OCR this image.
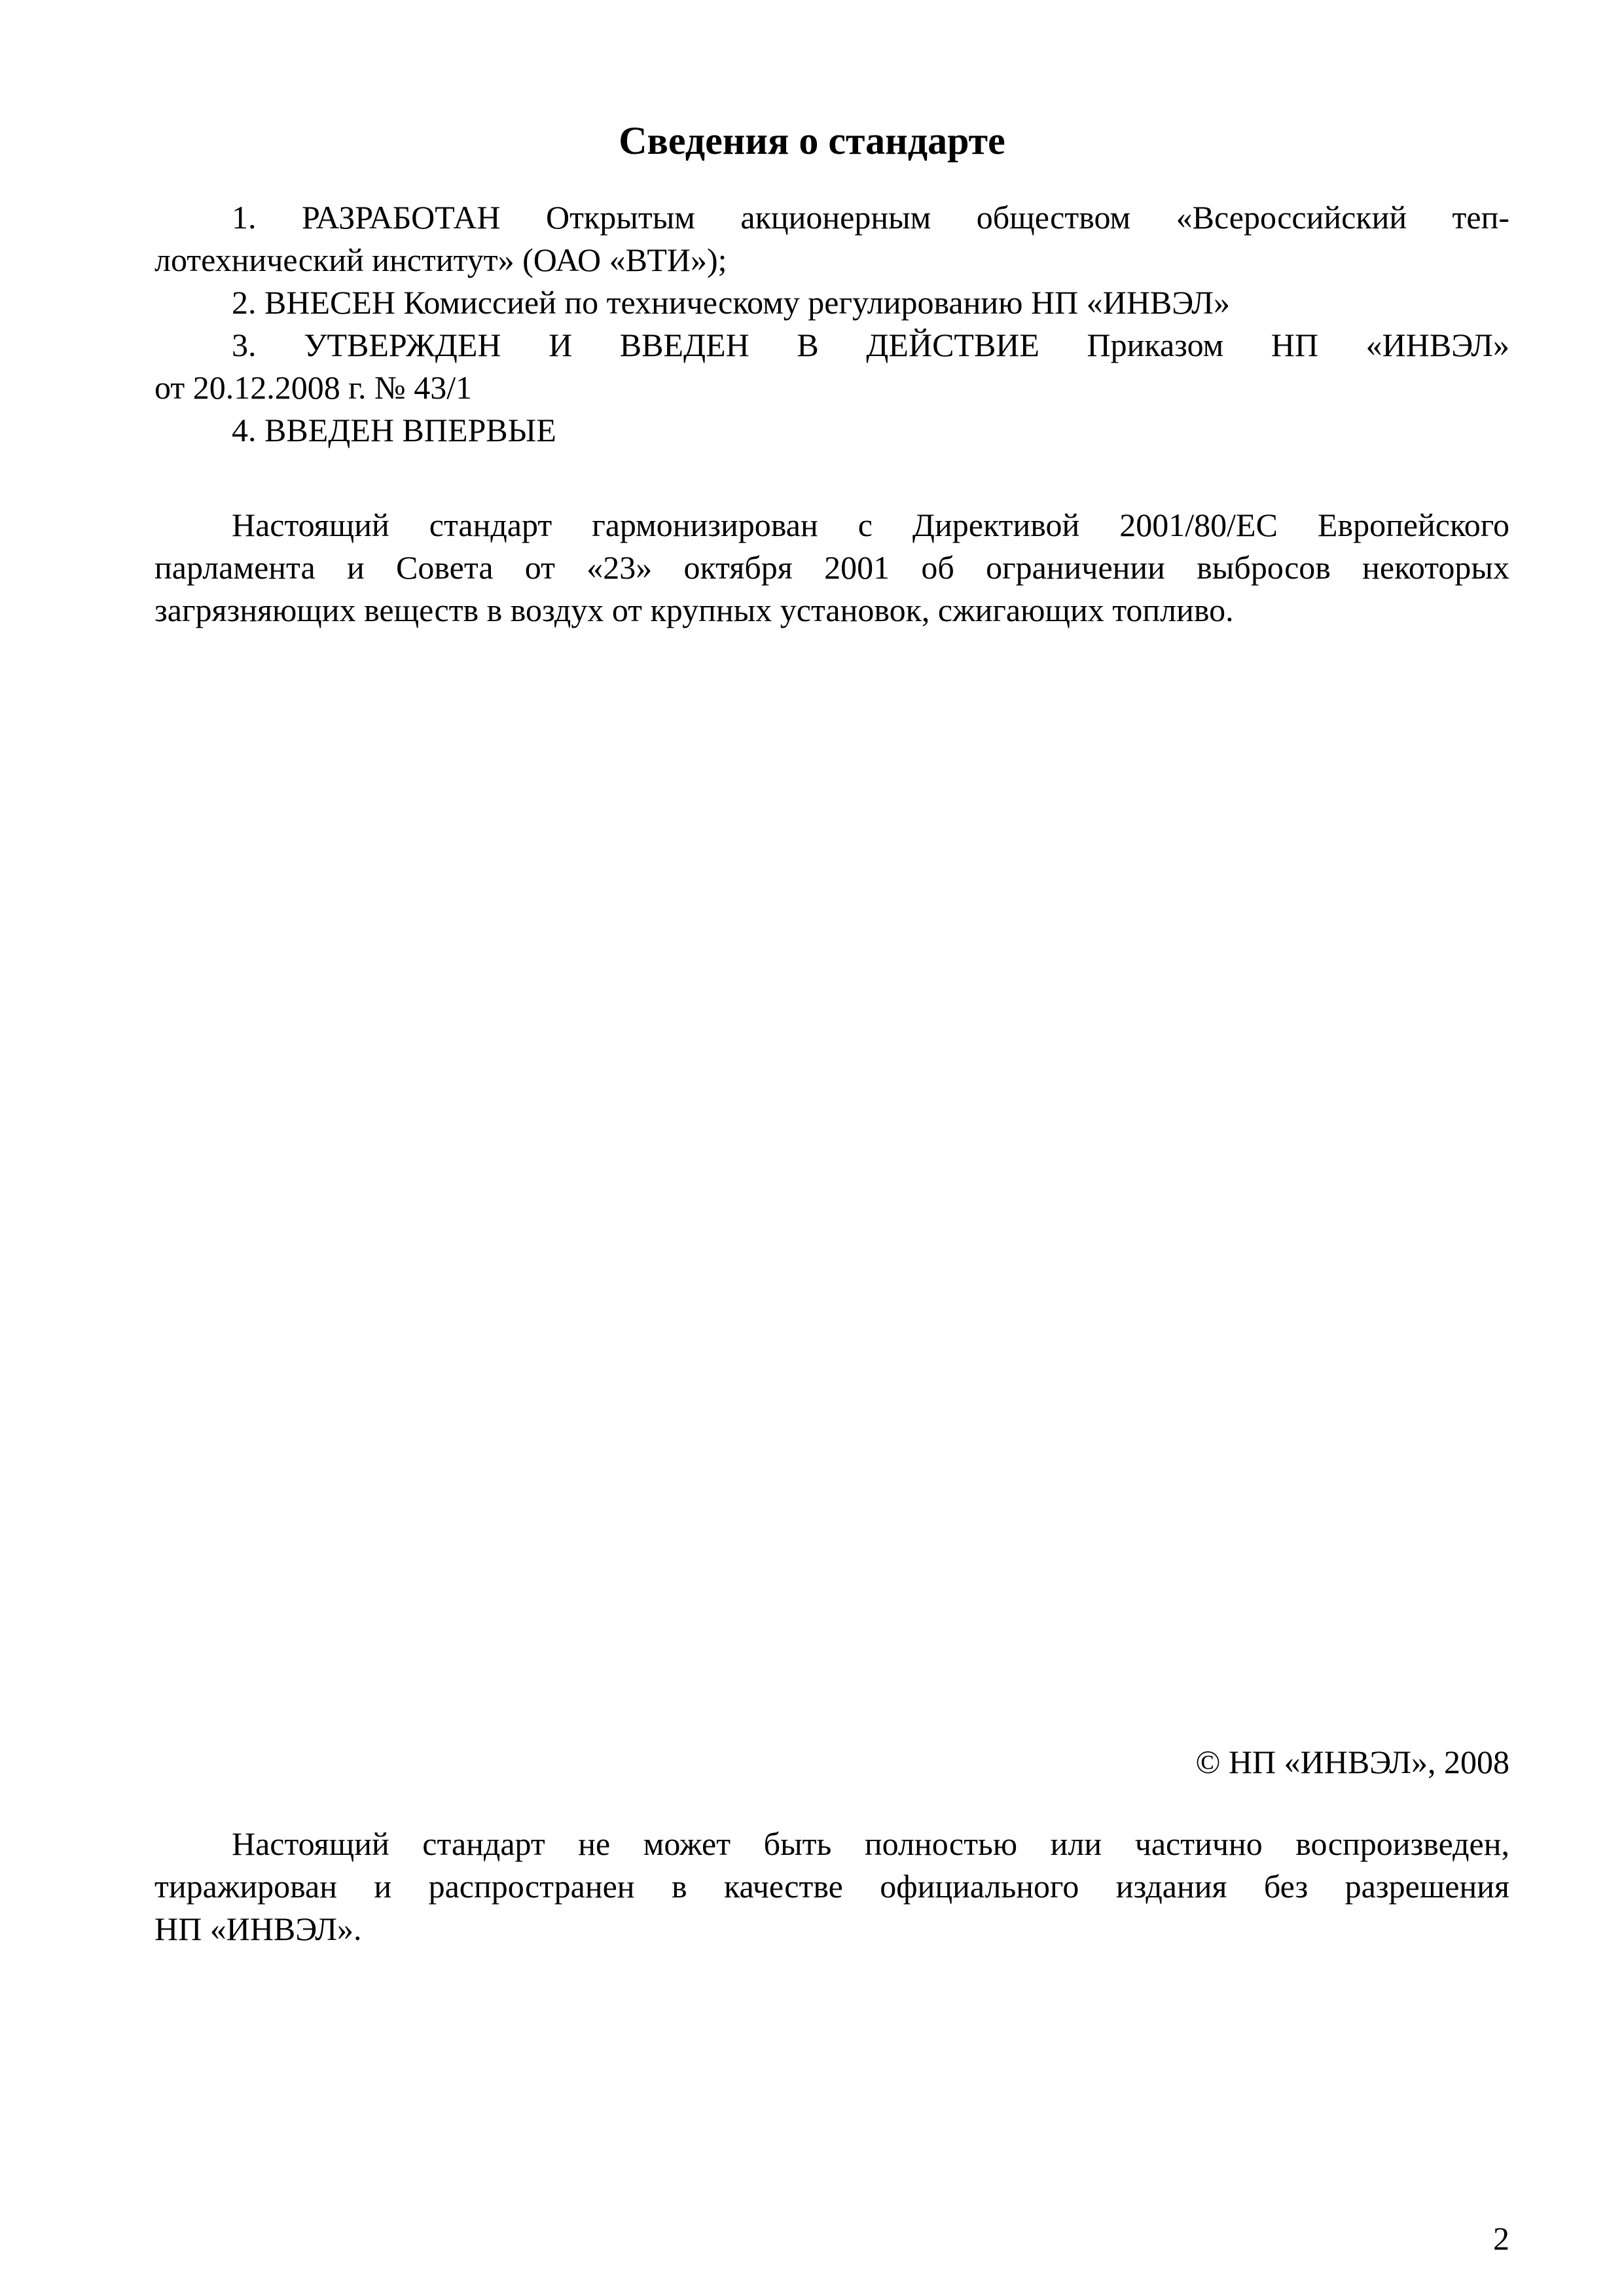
Сведения о стандарте
1. РАЗРАБОТАН Открытым акционерным обществом «Всероссийский теп-
лотехнический институт» (ОАО «ВТИ»);
2. ВНЕСЕН Комиссией по техническому регулированию НП «ИНВЭЛ»
3. УТВЕРЖДЕН И ВВЕДЕН В ДЕЙСТВИЕ Приказом НП «ИНВЭЛ»
от 20.12.2008 г. № 43/1
4. ВВЕДЕН ВПЕРВЫЕ
Настоящий стандарт гармонизирован с Директивой 2001/80/ЕС Европейского
парламента и Совета от «23» октября 2001 об ограничении выбросов некоторых
загрязняющих веществ в воздух от крупных установок, сжигающих топливо.
© НП «ИНВЭЛ», 2008
Настоящий стандарт не может быть полностью или частично воспроизведен,
тиражирован и распространен в качестве официального издания без разрешения
НП «ИНВЭЛ».
2
